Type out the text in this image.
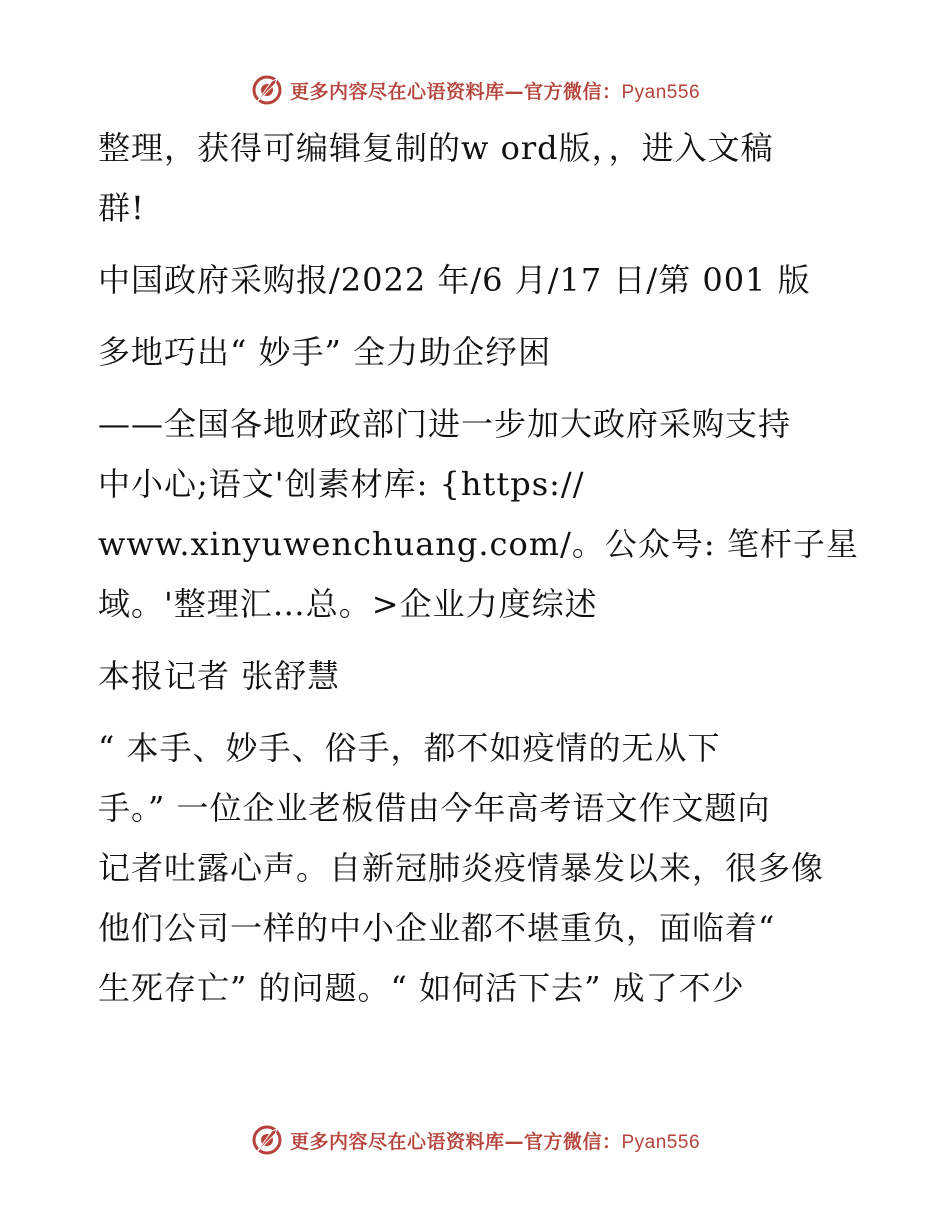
更多内容尽在心语资料库—官方微信：Pyan556

整理，获得可编辑复制的w ord版，，进入文稿

群!

中国政府采购报/2022 年/6 月/17 日/第 001 版

多地巧出“ 妙手” 全力助企纾困

——全国各地财政部门进一步加大政府采购支持

中小心;语文'创素材库: {https://

www.xinyuwenchuang.com/。公众号: 笔杆子星

域。'整理汇…总。>企业力度综述

本报记者 张舒慧

“ 本手、妙手、俗手，都不如疫情的无从下

手。” 一位企业老板借由今年高考语文作文题向

记者吐露心声。自新冠肺炎疫情暴发以来，很多像

他们公司一样的中小企业都不堪重负，面临着“

生死存亡” 的问题。“ 如何活下去” 成了不少

更多内容尽在心语资料库—官方微信：Pyan556
